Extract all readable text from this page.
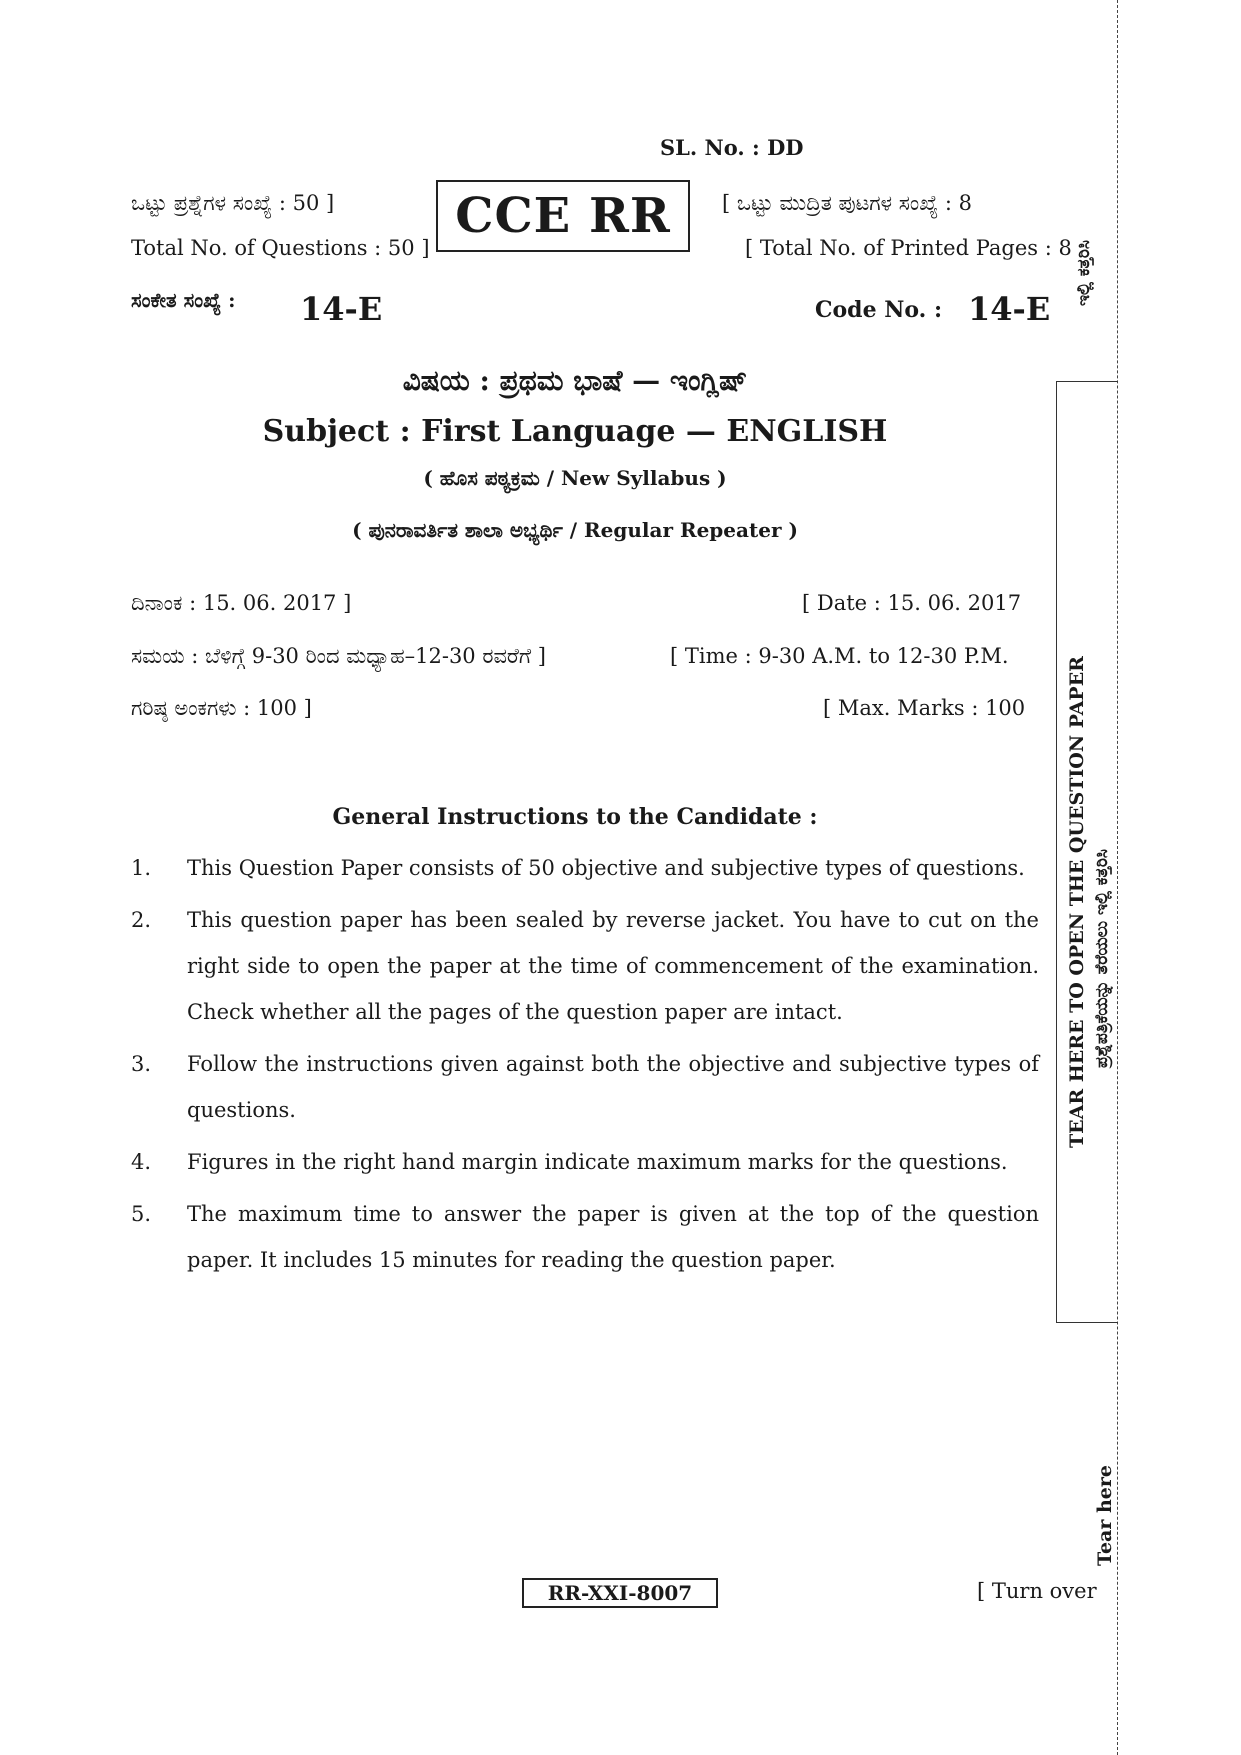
SL. No. : DD
ಒಟ್ಟು ಪ್ರಶ್ನೆಗಳ ಸಂಖ್ಯೆ : 50 ]
Total No. of Questions : 50 ]
CCE RR	[ ಒಟ್ಟು ಮುದ್ರಿತ ಪುಟಗಳ ಸಂಖ್ಯೆ : 8
[ Total No. of Printed Pages : 8
ಸಂಕೇತ ಸಂಖ್ಯೆ : 14-E	Code No. : 14-E
ವಿಷಯ : ಪ್ರಥಮ ಭಾಷೆ — ಇಂಗ್ಲಿಷ್
Subject : First Language — ENGLISH
( ಹೊಸ ಪಠ್ಯಕ್ರಮ / New Syllabus )
( ಪುನರಾವರ್ತಿತ ಶಾಲಾ ಅಭ್ಯರ್ಥಿ / Regular Repeater )
ದಿನಾಂಕ : 15. 06. 2017 ]	[ Date : 15. 06. 2017
ಸಮಯ : ಬೆಳಿಗ್ಗೆ 9-30 ರಿಂದ ಮಧ್ಯಾಹ–12-30 ರವರೆಗೆ ]	[ Time : 9-30 A.M. to 12-30 P.M.
ಗರಿಷ್ಠ ಅಂಕಗಳು : 100 ]	[ Max. Marks : 100
General Instructions to the Candidate :
1. This Question Paper consists of 50 objective and subjective types of questions.
2. This question paper has been sealed by reverse jacket. You have to cut on the right side to open the paper at the time of commencement of the examination. Check whether all the pages of the question paper are intact.
3. Follow the instructions given against both the objective and subjective types of questions.
4. Figures in the right hand margin indicate maximum marks for the questions.
5. The maximum time to answer the paper is given at the top of the question paper. It includes 15 minutes for reading the question paper.
TEAR HERE TO OPEN THE QUESTION PAPER ಪ್ರಶ್ನೆಪತ್ರಿಕೆಯನ್ನು ತೆರೆಯಲು ಇಲ್ಲಿ ಕತ್ತರಿಸಿ
ಇಲ್ಲಿ ಕತ್ತರಿಸಿ
Tear here
RR-XXI-8007	[ Turn over
